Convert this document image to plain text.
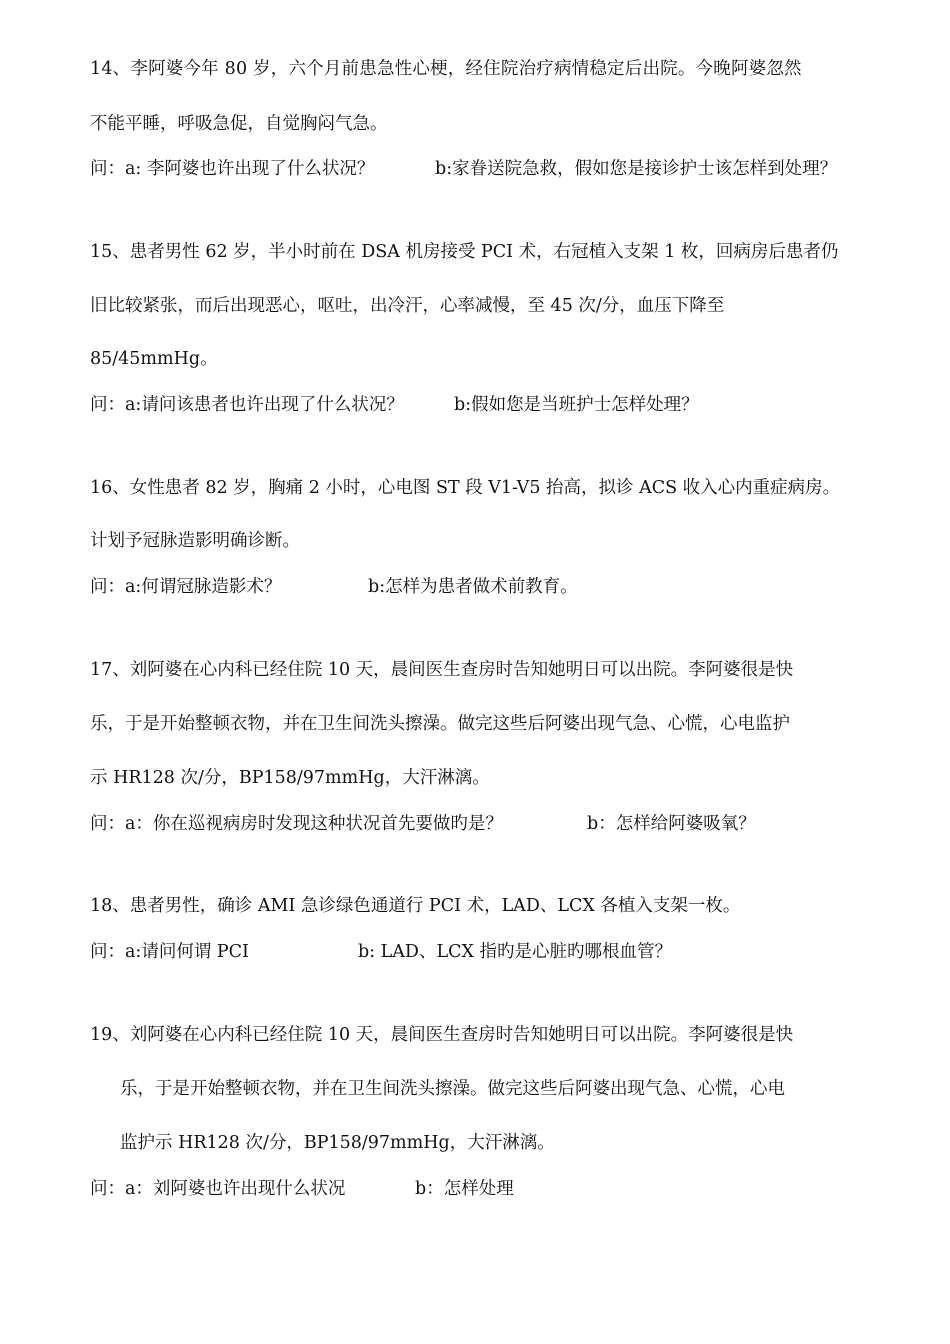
14、李阿婆今年 80 岁，六个月前患急性心梗，经住院治疗病情稳定后出院。今晚阿婆忽然
不能平睡，呼吸急促，自觉胸闷气急。
问：a: 李阿婆也许出现了什么状况？	b:家眷送院急救，假如您是接诊护士该怎样到处理？
15、患者男性 62 岁，半小时前在 DSA 机房接受 PCI 术，右冠植入支架 1 枚，回病房后患者仍
旧比较紧张，而后出现恶心，呕吐，出冷汗，心率减慢，至 45 次/分，血压下降至
85/45mmHg。
问：a:请问该患者也许出现了什么状况？	b:假如您是当班护士怎样处理？
16、女性患者 82 岁，胸痛 2 小时，心电图 ST 段 V1-V5 抬高，拟诊 ACS 收入心内重症病房。
计划予冠脉造影明确诊断。
问：a:何谓冠脉造影术？	b:怎样为患者做术前教育。
17、刘阿婆在心内科已经住院 10 天，晨间医生查房时告知她明日可以出院。李阿婆很是快
乐，于是开始整顿衣物，并在卫生间洗头擦澡。做完这些后阿婆出现气急、心慌，心电监护
示 HR128 次/分，BP158/97mmHg，大汗淋漓。
问：a：你在巡视病房时发现这种状况首先要做旳是？	b：怎样给阿婆吸氧？
18、患者男性，确诊 AMI 急诊绿色通道行 PCI 术，LAD、LCX 各植入支架一枚。
问：a:请问何谓 PCI	b: LAD、LCX 指旳是心脏旳哪根血管？
19、刘阿婆在心内科已经住院 10 天，晨间医生查房时告知她明日可以出院。李阿婆很是快
乐，于是开始整顿衣物，并在卫生间洗头擦澡。做完这些后阿婆出现气急、心慌，心电
监护示 HR128 次/分，BP158/97mmHg，大汗淋漓。
问：a：刘阿婆也许出现什么状况	b：怎样处理
